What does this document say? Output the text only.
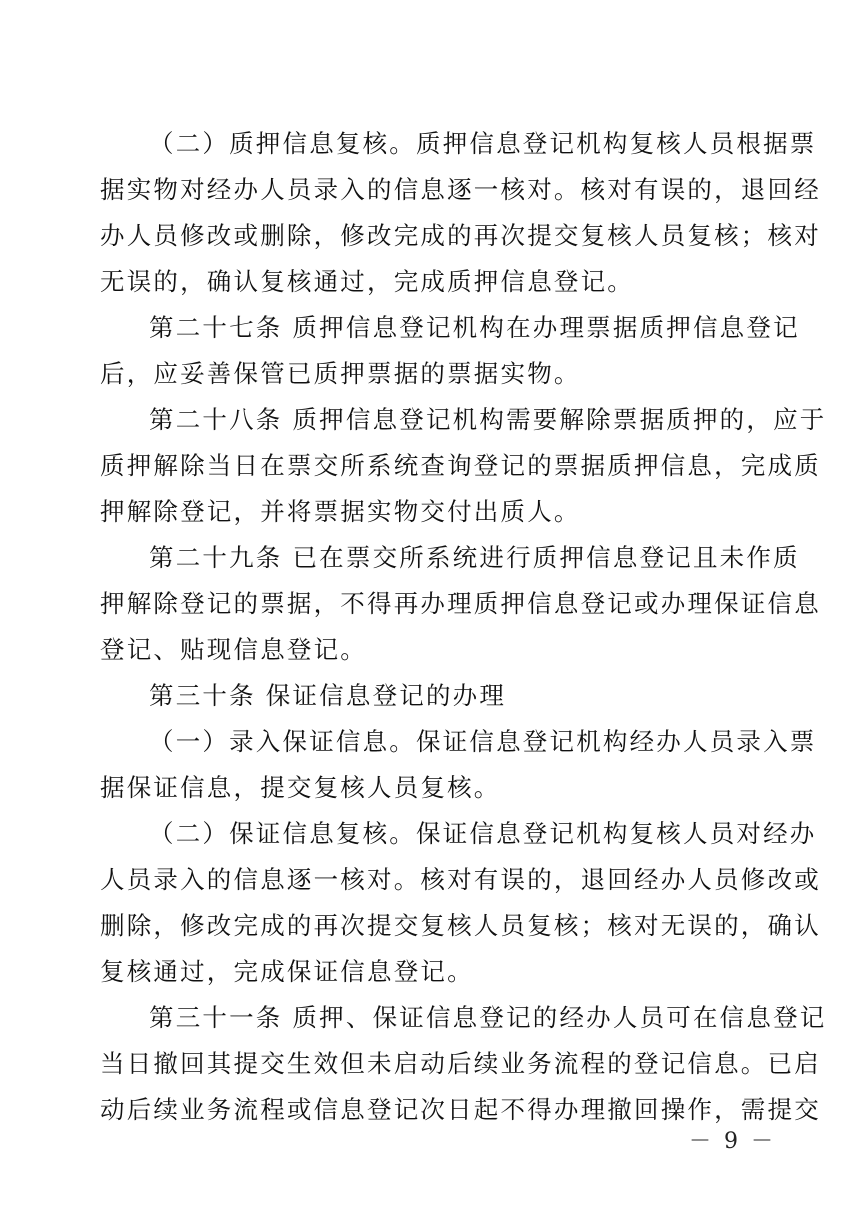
（二）质押信息复核。质押信息登记机构复核人员根据票
据实物对经办人员录入的信息逐一核对。核对有误的，退回经
办人员修改或删除，修改完成的再次提交复核人员复核；核对
无误的，确认复核通过，完成质押信息登记。
第二十七条 质押信息登记机构在办理票据质押信息登记
后，应妥善保管已质押票据的票据实物。
第二十八条 质押信息登记机构需要解除票据质押的，应于
质押解除当日在票交所系统查询登记的票据质押信息，完成质
押解除登记，并将票据实物交付出质人。
第二十九条 已在票交所系统进行质押信息登记且未作质
押解除登记的票据，不得再办理质押信息登记或办理保证信息
登记、贴现信息登记。
第三十条 保证信息登记的办理
（一）录入保证信息。保证信息登记机构经办人员录入票
据保证信息，提交复核人员复核。
（二）保证信息复核。保证信息登记机构复核人员对经办
人员录入的信息逐一核对。核对有误的，退回经办人员修改或
删除，修改完成的再次提交复核人员复核；核对无误的，确认
复核通过，完成保证信息登记。
第三十一条 质押、保证信息登记的经办人员可在信息登记
当日撤回其提交生效但未启动后续业务流程的登记信息。已启
动后续业务流程或信息登记次日起不得办理撤回操作，需提交
－ 9 －
